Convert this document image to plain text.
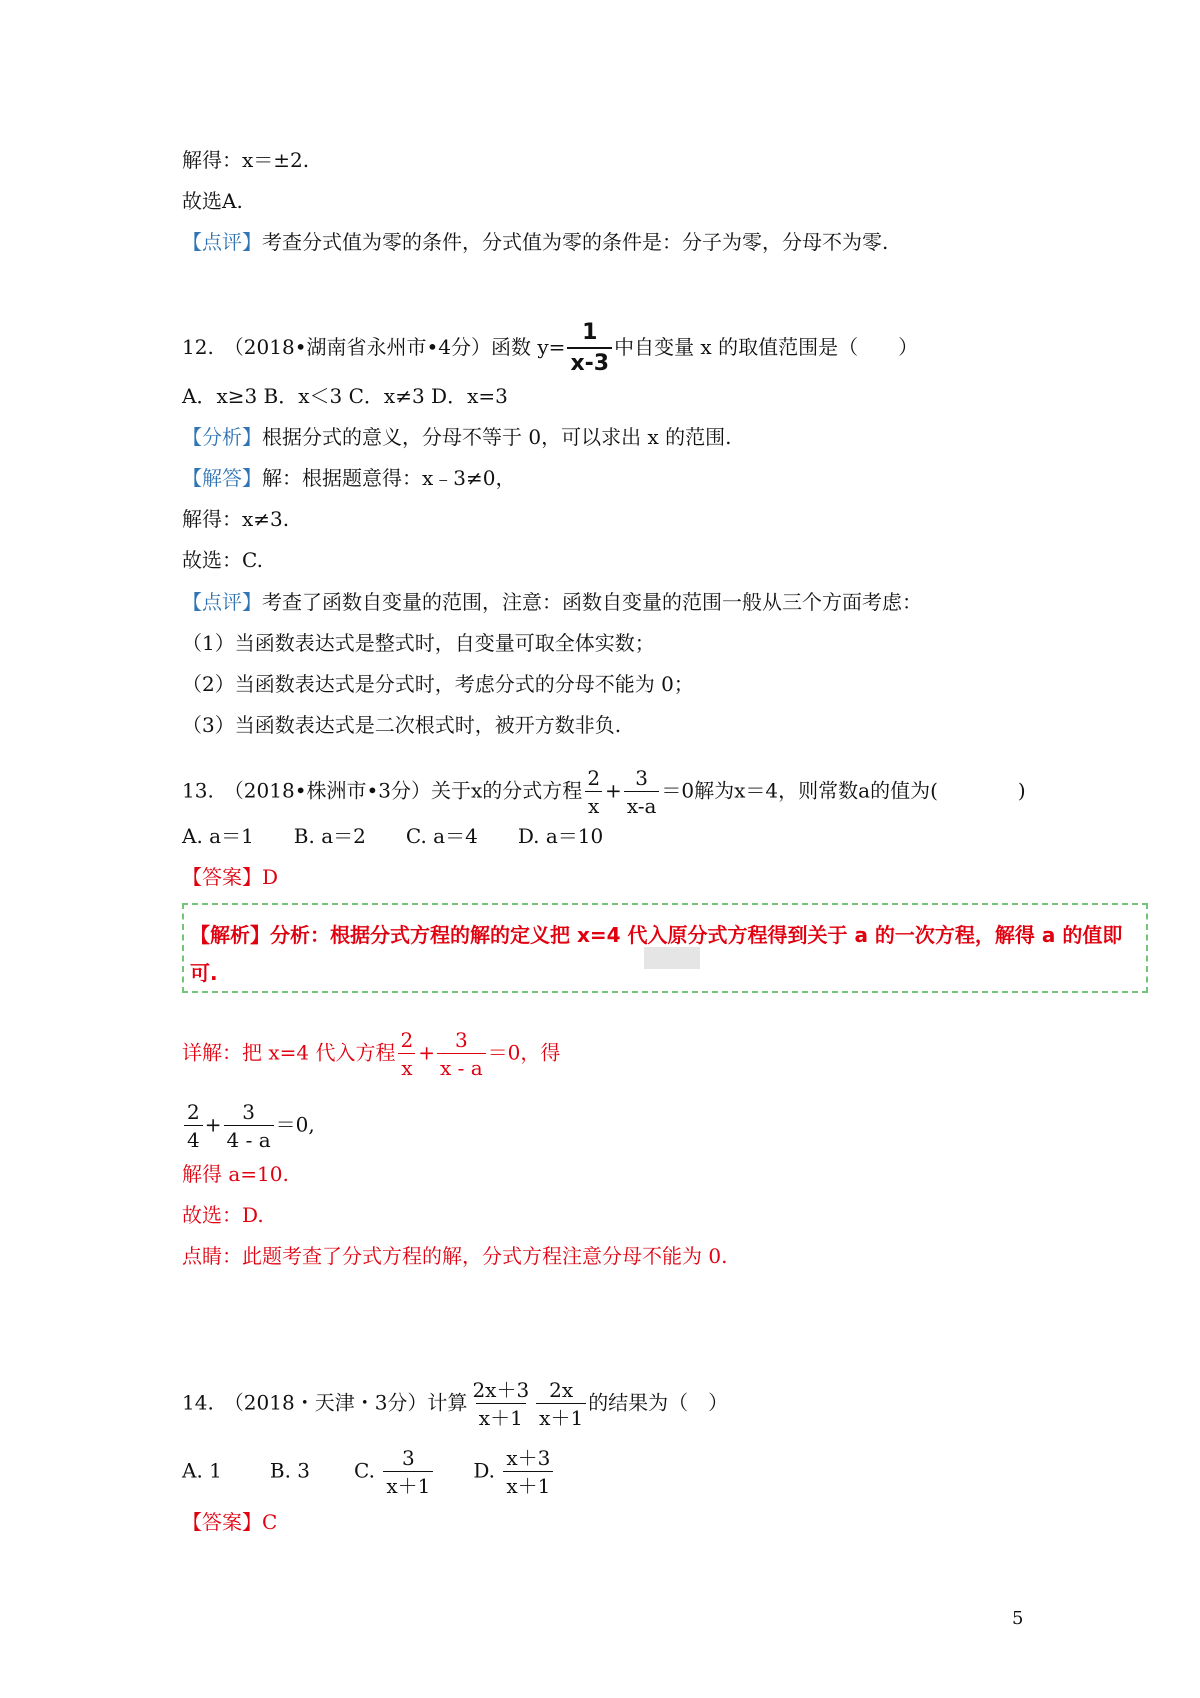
解得：x＝±2.
故选A.
【点评】考查分式值为零的条件，分式值为零的条件是：分子为零，分母不为零.
12.　（2018•湖南省永州市•4分）函数 $y= \frac{1}{x-3}$ 中自变量 x 的取值范围是（　　）
A．x≥3 B．x＜3 C．x≠3 D．x=3
【分析】根据分式的意义，分母不等于 0，可以求出 x 的范围.
【解答】解：根据题意得：x﹣3≠0，
解得：x≠3.
故选：C.
【点评】考查了函数自变量的范围，注意：函数自变量的范围一般从三个方面考虑：
（1）当函数表达式是整式时，自变量可取全体实数；
（2）当函数表达式是分式时，考虑分式的分母不能为 0；
（3）当函数表达式是二次根式时，被开方数非负.
13.　（2018•株洲市•3分）关于x的分式方程 $\frac{2}{x} + \frac{3}{x-a} =0$解为x＝4，则常数a的值为(　　　　)
A. a＝1　　B. a＝2　　C. a＝4　　D. a＝10
【答案】D
【解析】分析：根据分式方程的解的定义把 x=4 代入原分式方程得到关于 a 的一次方程，解得 a 的值即
可.
详解：把 x=4 代入方程 $\frac{2}{x} + \frac{3}{x - a} =0$，得
$\frac{2}{4} + \frac{3}{4 - a} =0$,
解得 a=10.
故选：D.
点睛：此题考查了分式方程的解，分式方程注意分母不能为 0.
14.　（2018・天津・3分）计算 $\frac{2x+3}{x+1} \frac{2x}{x+1}$ 的结果为（　）
A. 1 B. 3 C. $\frac{3}{x+1} D$. $\frac{x+3}{x+1}$
【答案】C
5
